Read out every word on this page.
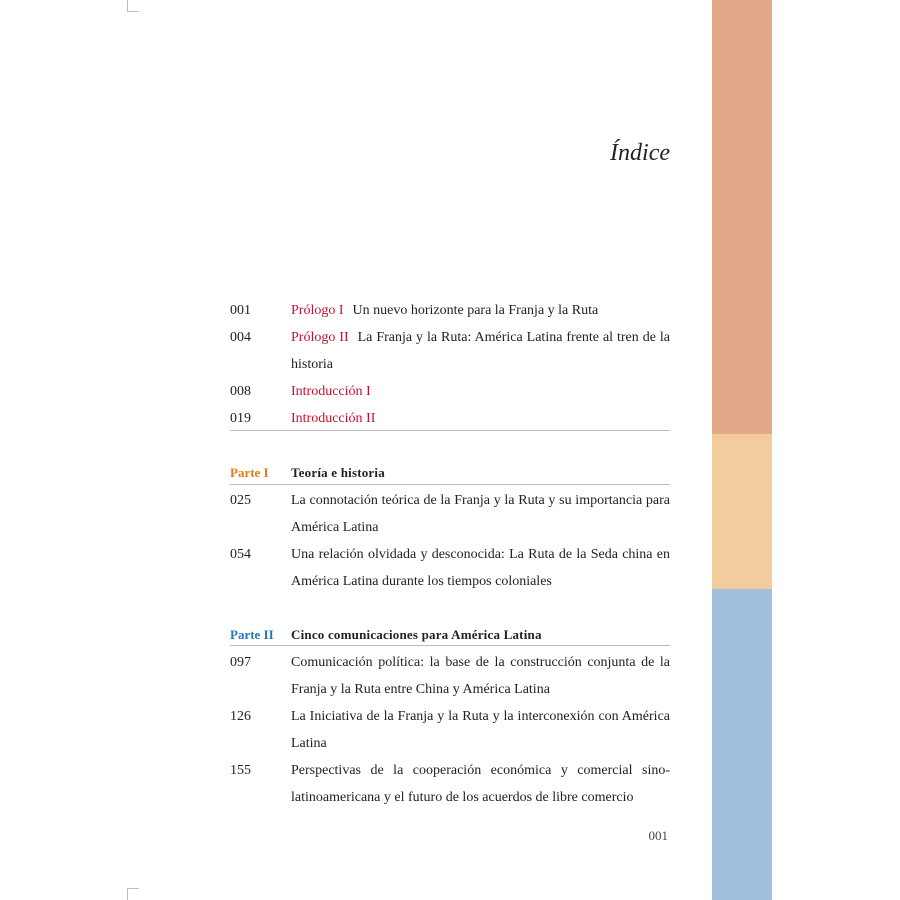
Índice
001	Prólogo I Un nuevo horizonte para la Franja y la Ruta
004	Prólogo II La Franja y la Ruta: América Latina frente al tren de la historia
008	Introducción I
019	Introducción II
Parte I Teoría e historia
025	La connotación teórica de la Franja y la Ruta y su importancia para América Latina
054	Una relación olvidada y desconocida: La Ruta de la Seda china en América Latina durante los tiempos coloniales
Parte II Cinco comunicaciones para América Latina
097	Comunicación política: la base de la construcción conjunta de la Franja y la Ruta entre China y América Latina
126	La Iniciativa de la Franja y la Ruta y la interconexión con América Latina
155	Perspectivas de la cooperación económica y comercial sino-latinoamericana y el futuro de los acuerdos de libre comercio
001
